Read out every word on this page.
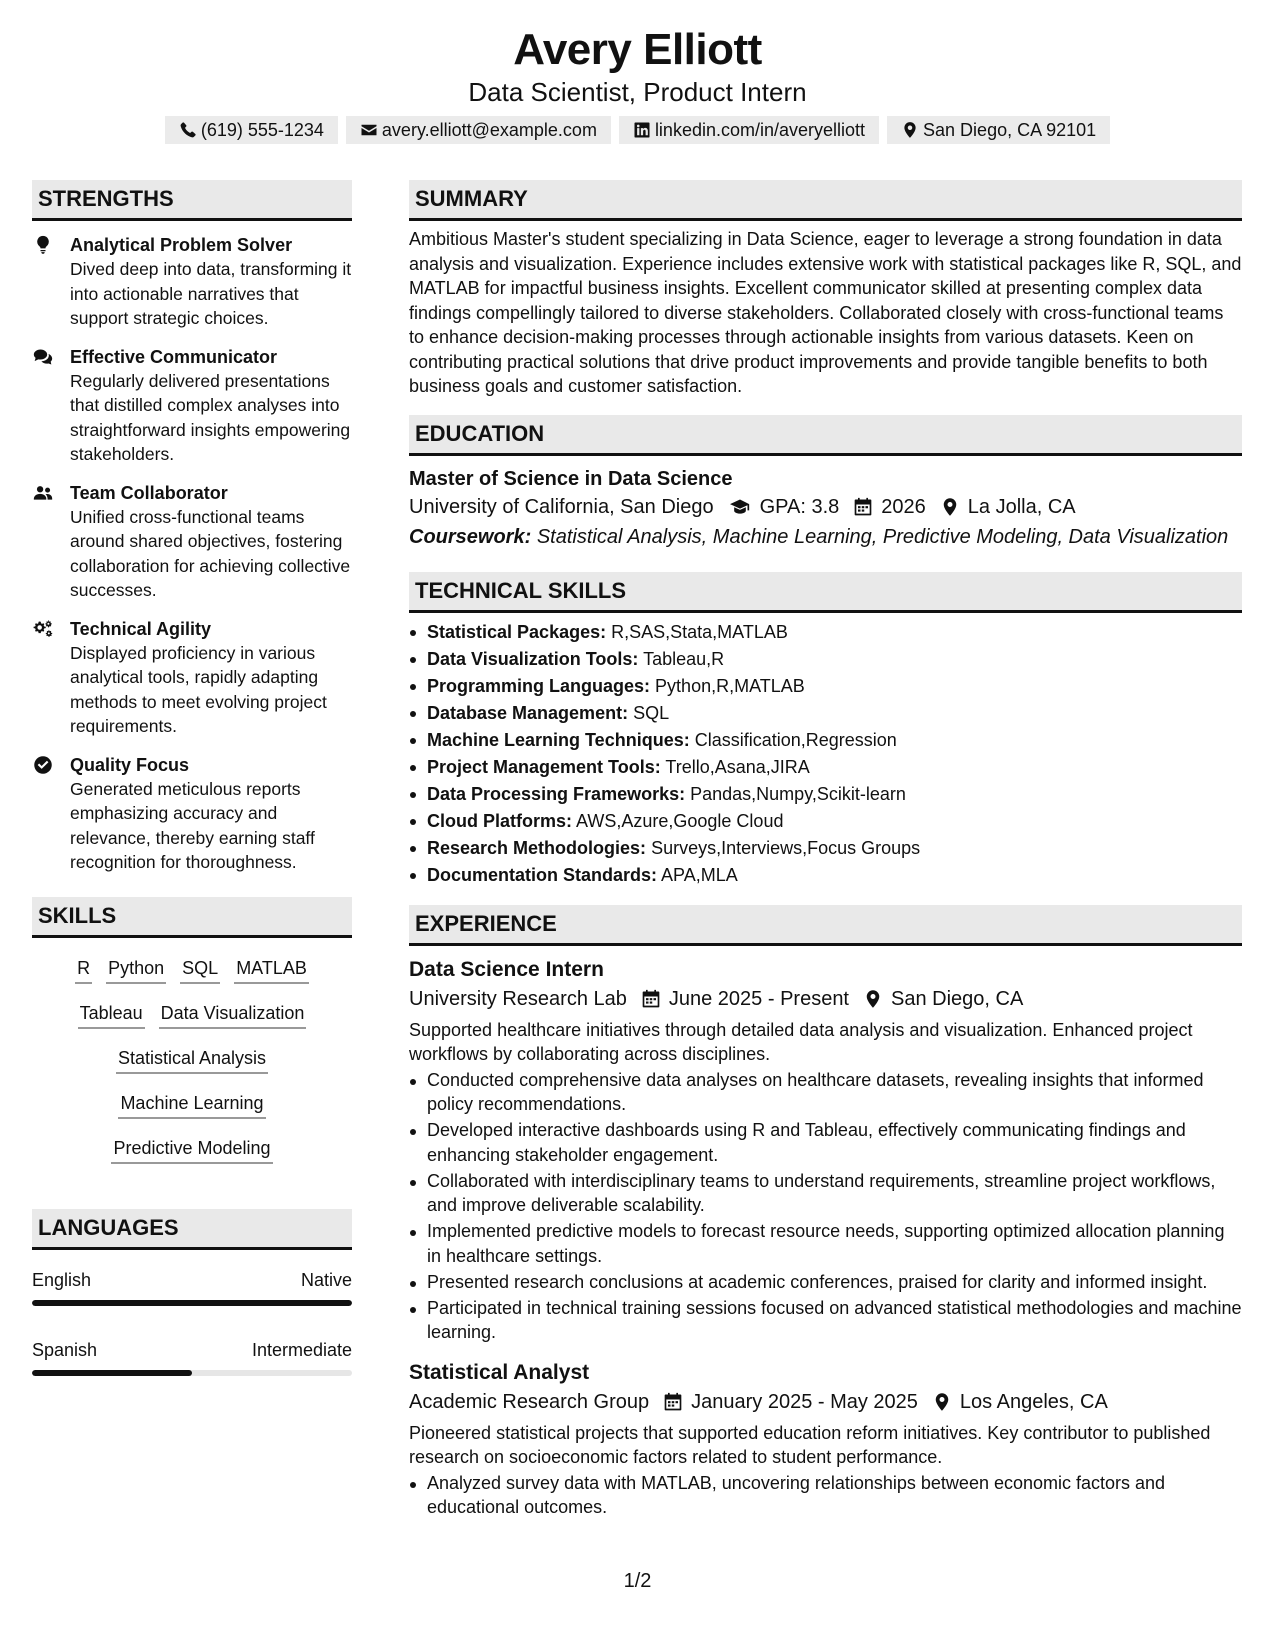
Avery Elliott
Data Scientist, Product Intern
(619) 555-1234	avery.elliott@example.com	linkedin.com/in/averyelliott	San Diego, CA 92101
STRENGTHS
Analytical Problem Solver
Dived deep into data, transforming it into actionable narratives that support strategic choices.
Effective Communicator
Regularly delivered presentations that distilled complex analyses into straightforward insights empowering stakeholders.
Team Collaborator
Unified cross-functional teams around shared objectives, fostering collaboration for achieving collective successes.
Technical Agility
Displayed proficiency in various analytical tools, rapidly adapting methods to meet evolving project requirements.
Quality Focus
Generated meticulous reports emphasizing accuracy and relevance, thereby earning staff recognition for thoroughness.
SKILLS
R Python SQL MATLAB
Tableau Data Visualization
Statistical Analysis
Machine Learning
Predictive Modeling
LANGUAGES
English	Native
Spanish	Intermediate
SUMMARY
Ambitious Master's student specializing in Data Science, eager to leverage a strong foundation in data analysis and visualization. Experience includes extensive work with statistical packages like R, SQL, and MATLAB for impactful business insights. Excellent communicator skilled at presenting complex data findings compellingly tailored to diverse stakeholders. Collaborated closely with cross-functional teams to enhance decision-making processes through actionable insights from various datasets. Keen on contributing practical solutions that drive product improvements and provide tangible benefits to both business goals and customer satisfaction.
EDUCATION
Master of Science in Data Science
University of California, San Diego GPA: 3.8 2026 La Jolla, CA
Coursework: Statistical Analysis, Machine Learning, Predictive Modeling, Data Visualization
TECHNICAL SKILLS
Statistical Packages: R,SAS,Stata,MATLAB
Data Visualization Tools: Tableau,R
Programming Languages: Python,R,MATLAB
Database Management: SQL
Machine Learning Techniques: Classification,Regression
Project Management Tools: Trello,Asana,JIRA
Data Processing Frameworks: Pandas,Numpy,Scikit-learn
Cloud Platforms: AWS,Azure,Google Cloud
Research Methodologies: Surveys,Interviews,Focus Groups
Documentation Standards: APA,MLA
EXPERIENCE
Data Science Intern
University Research Lab June 2025 - Present San Diego, CA
Supported healthcare initiatives through detailed data analysis and visualization. Enhanced project workflows by collaborating across disciplines.
Conducted comprehensive data analyses on healthcare datasets, revealing insights that informed policy recommendations.
Developed interactive dashboards using R and Tableau, effectively communicating findings and enhancing stakeholder engagement.
Collaborated with interdisciplinary teams to understand requirements, streamline project workflows, and improve deliverable scalability.
Implemented predictive models to forecast resource needs, supporting optimized allocation planning in healthcare settings.
Presented research conclusions at academic conferences, praised for clarity and informed insight.
Participated in technical training sessions focused on advanced statistical methodologies and machine learning.
Statistical Analyst
Academic Research Group January 2025 - May 2025 Los Angeles, CA
Pioneered statistical projects that supported education reform initiatives. Key contributor to published research on socioeconomic factors related to student performance.
Analyzed survey data with MATLAB, uncovering relationships between economic factors and educational outcomes.
1/2
